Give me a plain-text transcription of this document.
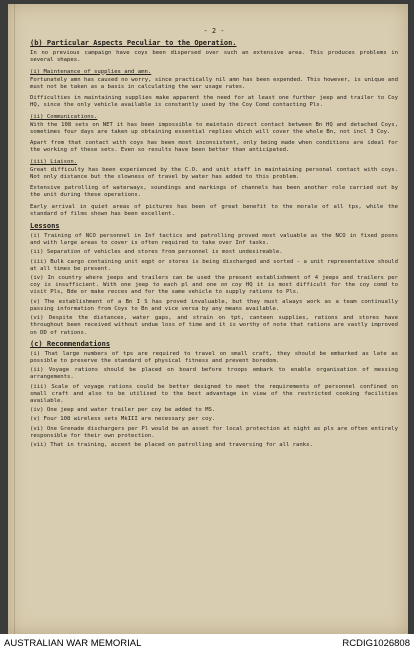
- 2 -
(b) Particular Aspects Peculiar to the Operation.

In no previous campaign have coys been dispersed over such an extensive area. This produces problems in several shapes.

(i) Maintenance of supplies and amn.

Fortunately amn has caused no worry, since practically nil amn has been expended. This however, is unique and must not be taken as a basis in calculating the war usage rates.

Difficulties in maintaining supplies make apparent the need for at least one further jeep and trailer to Coy HQ, since the only vehicle available is constantly used by the Coy Comd contacting Pls.

(ii) Communications.

With the 108 sets on NET it has been impossible to maintain direct contact between Bn HQ and detached Coys, sometimes four days are taken up obtaining essential replies which will cover the whole Bn, not incl 3 Coy.

Apart from that contact with coys has been most inconsistent, only being made when conditions are ideal for the working of these sets. Even so results have been better than anticipated.

(iii) Liaison.

Great difficulty has been experienced by the C.O. and unit staff in maintaining personal contact with coys. Not only distance but the slowness of travel by water has added to this problem.

Extensive patrolling of waterways, soundings and markings of channels has been another role carried out by the unit during these operations.

Early arrival in quiet areas of pictures has been of great benefit to the morale of all tps, while the standard of films shown has been excellent.

Lessons

(i) Training of NCO personnel in Inf tactics and patrolling proved most valuable as the NCO in fixed posns and with large areas to cover is often required to take over Inf tasks.

(ii) Separation of vehicles and stores from personnel is most undesireable.

(iii) Bulk cargo containing unit eqpt or stores is being discharged and sorted - a unit representative should at all times be present.

(iv) In country where jeeps and trailers can be used the present establishment of 4 jeeps and trailers per coy is insufficient. With one jeep to each pl and one on coy HQ it is most difficult for the coy comd to visit Pls, Bde or make recces and for the same vehicle to supply rations to Pls.

(v) The establishment of a Bn I S has proved invaluable, but they must always work as a team continually passing information from Coys to Bn and vice versa by any means available.

(vi) Despite the distances, water gaps, and strain on tpt, canteen supplies, rations and stores have throughout been received without undue loss of time and it is worthy of note that rations are vastly improved on DD of rations.

(c) Recommendations

(i) That large numbers of tps are required to travel on small craft, they should be embarked as late as possible to preserve the standard of physical fitness and prevent boredom.

(ii) Voyage rations should be placed on board before troops embark to enable organisation of messing arrangements.

(iii) Scale of voyage rations could be better designed to meet the requirements of personnel confined on small craft and also to be utilised to the best advantage in view of the restricted cooking facilities available.

(iv) One jeep and water trailer per coy be added to MS.

(v) Four 108 wireless sets MkIII are necessary per coy.

(vi) One Grenade dischargers per Pl would be an asset for local protection at night as pls are often entirely responsible for their own protection.

(vii) That in training, accent be placed on patrolling and traversing for all ranks.

AUSTRALIAN WAR MEMORIAL	RCDIG1026808
